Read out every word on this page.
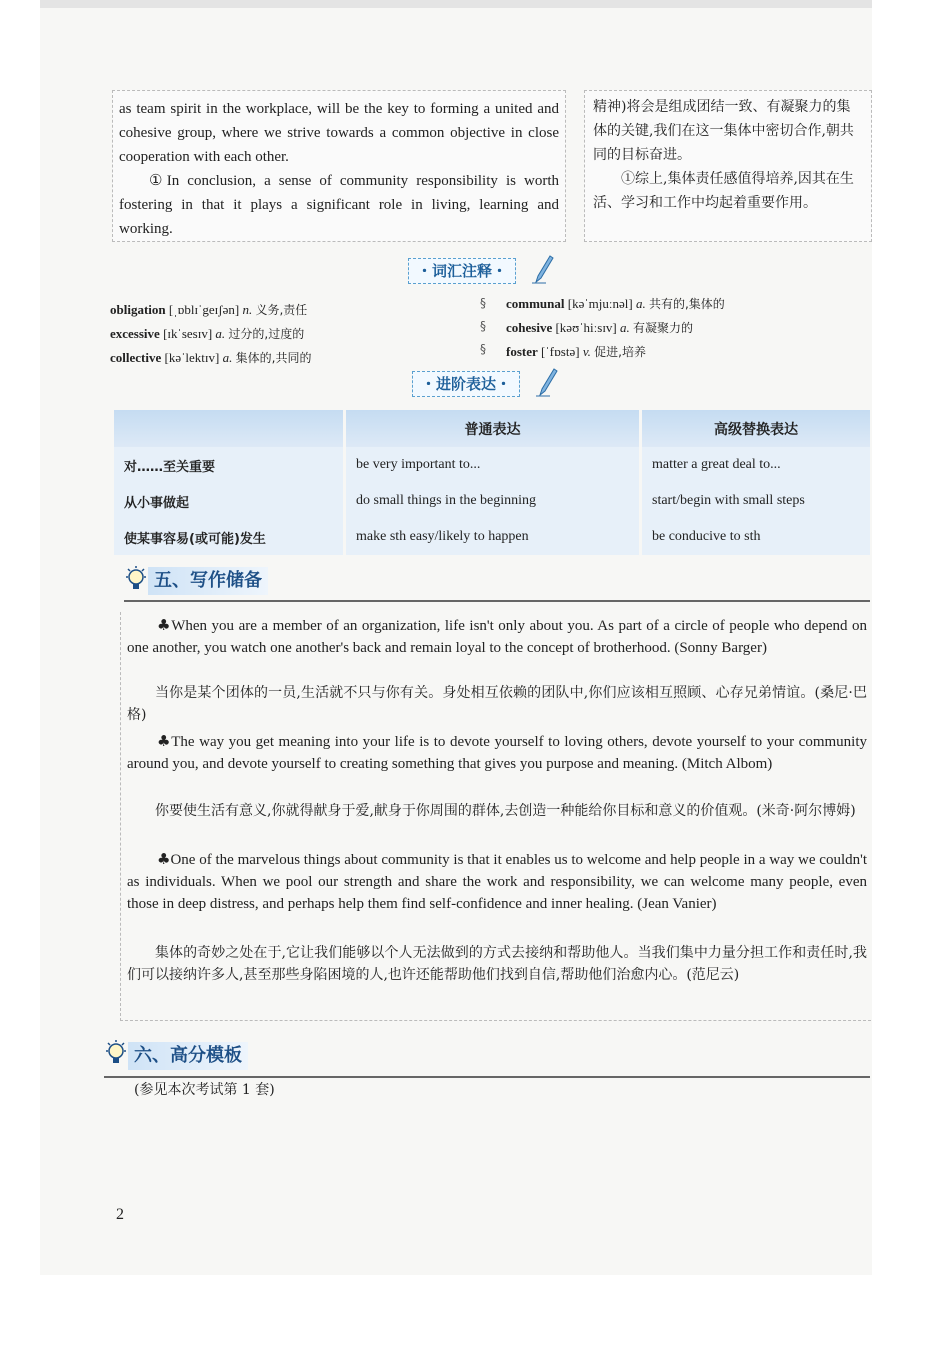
as team spirit in the workplace, will be the key to forming a united and cohesive group, where we strive towards a common objective in close cooperation with each other.

①In conclusion, a sense of community responsibility is worth fostering in that it plays a significant role in living, learning and working.

精神)将会是组成团结一致、有凝聚力的集体的关键,我们在这一集体中密切合作,朝共同的目标奋进。

①综上,集体责任感值得培养,因其在生活、学习和工作中均起着重要作用。

・词汇注释・
obligation [ˌɒblɪˈgeɪʃən] n. 义务,责任
excessive [ɪkˈsesɪv] a. 过分的,过度的
collective [kəˈlektɪv] a. 集体的,共同的
§
§
§
communal [kəˈmjuːnəl] a. 共有的,集体的
cohesive [kəʊˈhiːsɪv] a. 有凝聚力的
foster [ˈfɒstə] v. 促进,培养
・进阶表达・
	普通表达	高级替换表达
对……至关重要	be very important to...	matter a great deal to...
从小事做起	do small things in the beginning	start/begin with small steps
使某事容易(或可能)发生	make sth easy/likely to happen	be conducive to sth
五、写作储备

♣When you are a member of an organization, life isn't only about you. As part of a circle of people who depend on one another, you watch one another's back and remain loyal to the concept of brotherhood. (Sonny Barger)

当你是某个团体的一员,生活就不只与你有关。身处相互依赖的团队中,你们应该相互照顾、心存兄弟情谊。(桑尼·巴格)

♣The way you get meaning into your life is to devote yourself to loving others, devote yourself to your community around you, and devote yourself to creating something that gives you purpose and meaning. (Mitch Albom)

你要使生活有意义,你就得献身于爱,献身于你周围的群体,去创造一种能给你目标和意义的价值观。(米奇·阿尔博姆)

♣One of the marvelous things about community is that it enables us to welcome and help people in a way we couldn't as individuals. When we pool our strength and share the work and responsibility, we can welcome many people, even those in deep distress, and perhaps help them find self-confidence and inner healing. (Jean Vanier)

集体的奇妙之处在于,它让我们能够以个人无法做到的方式去接纳和帮助他人。当我们集中力量分担工作和责任时,我们可以接纳许多人,甚至那些身陷困境的人,也许还能帮助他们找到自信,帮助他们治愈内心。(范尼云)

六、高分模板
(参见本次考试第 1 套)
2
